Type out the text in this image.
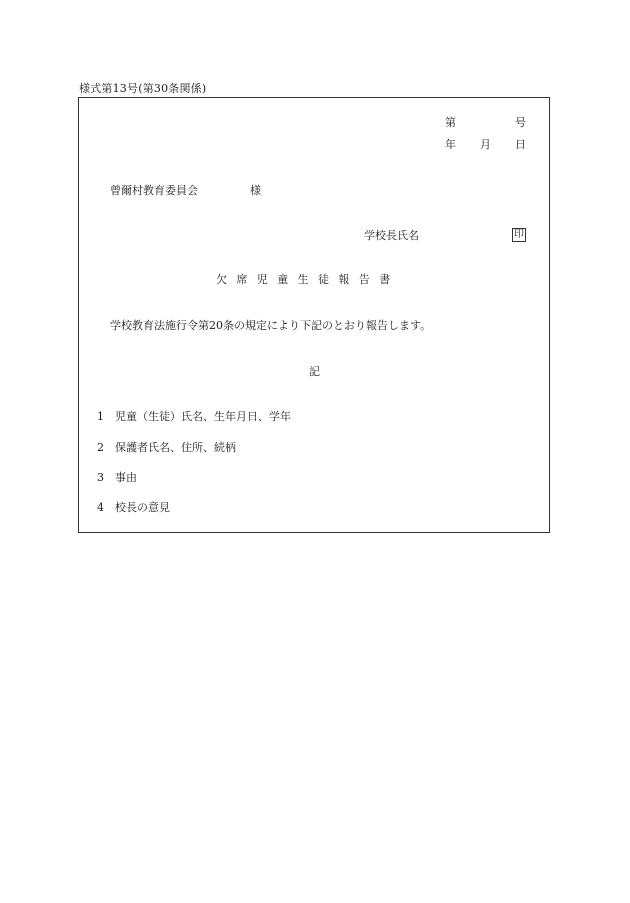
様式第13号(第30条関係)
第	号
年 月 日
曾爾村教育委員会	様
学校長氏名	印
欠席児童生徒報告書
学校教育法施行令第20条の規定により下記のとおり報告します。
記
1 児童（生徒）氏名、生年月日、学年
2 保護者氏名、住所、続柄
3 事由
4 校長の意見
